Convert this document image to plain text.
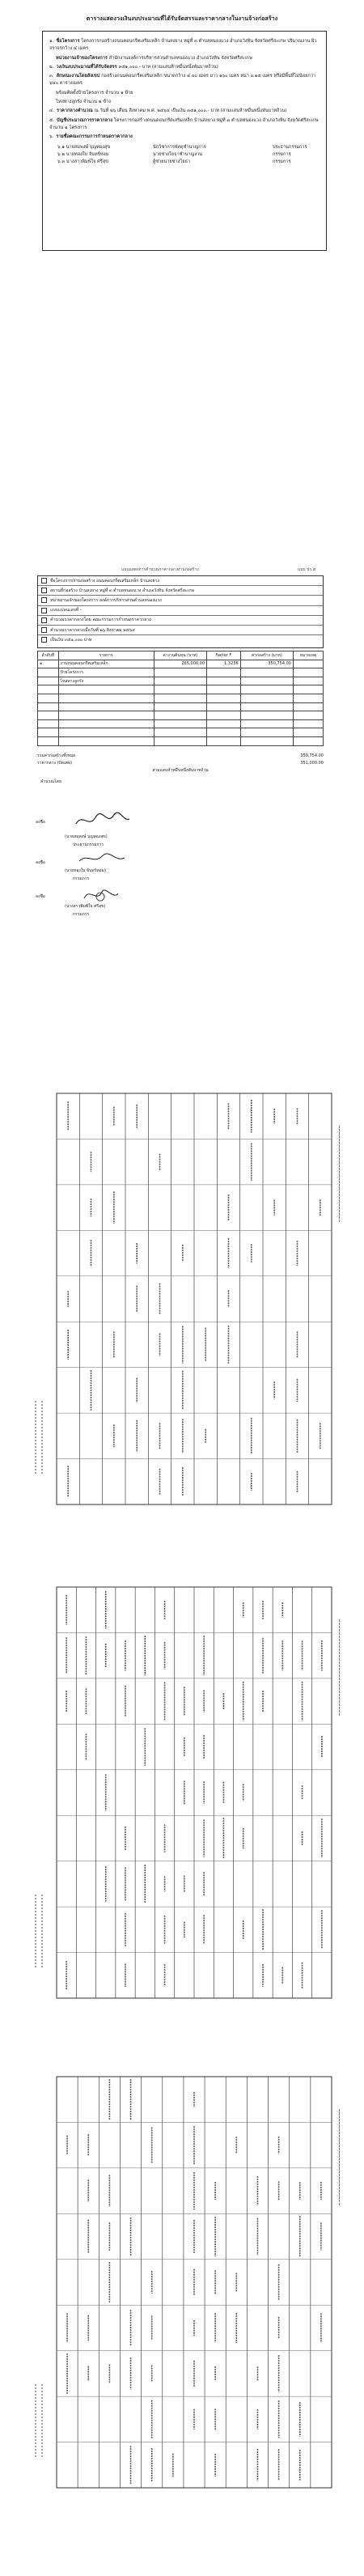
ตารางแสดงวงเงินงบประมาณที่ได้รับจัดสรรและราคากลางในงานจ้างก่อสร้าง

๑. ชื่อโครงการ โครงการก่อสร้างถนนคอนกรีตเสริมเหล็ก บ้านสงยาง หมู่ที่ ๓ ตำบลหนองแวง อำเภอวังหิน จังหวัดศรีสะเกษ ปริมาณงาน ผิวจราจรกว้าง ๔ เมตร

หน่วยงานเจ้าของโครงการ สำนักงานองค์การบริหารส่วนตำบลหนองแวง อำเภอวังหิน จังหวัดศรีสะเกษ

๒. วงเงินงบประมาณที่ได้รับจัดสรร ๓๕๑,๐๐๐.- บาท (สามแสนห้าหมื่นหนึ่งพันบาทถ้วน)

๓. ลักษณะงานโดยสังเขป ก่อสร้างถนนคอนกรีตเสริมเหล็ก ขนาดกว้าง ๔.๐๐ เมตร ยาว ๑๖๐ เมตร หนา ๐.๑๕ เมตร หรือมีพื้นที่ไม่น้อยกว่า ๖๔๐ ตารางเมตร

พร้อมติดตั้งป้ายโครงการ จำนวน ๑ ป้าย

ไหล่ทางลูกรัง จำนวน ๒ ข้าง

๔. ราคากลางคำนวณ ณ วันที่ ๒๖ เดือน สิงหาคม พ.ศ. ๒๕๖๔ เป็นเงิน ๓๕๑,๐๐๐.- บาท (สามแสนห้าหมื่นหนึ่งพันบาทถ้วน)

๕. บัญชีประมาณการราคากลาง โครงการก่อสร้างถนนคอนกรีตเสริมเหล็ก บ้านสงยาง หมู่ที่ ๓ ตำบลหนองแวง อำเภอวังหิน จังหวัดศรีสะเกษ จำนวน ๑ โครงการ

๖. รายชื่อคณะกรรมการกำหนดราคากลาง

๖.๑ นายสมพงษ์ บุญทองสุข	นักวิชาการพัสดุชำนาญการ	ประธานกรรมการ
๖.๒ นายทองใบ จันทร์หอม	นายช่างโยธาชำนาญงาน	กรรมการ
๖.๓ นางสาวพิมพ์ใจ ศรีสุข	ผู้ช่วยนายช่างโยธา	กรรมการ
แบบแสดงการคำนวณราคากลางงานก่อสร้าง	แบบ ปร.๕
ชื่อโครงการ/งานก่อสร้าง ถนนคอนกรีตเสริมเหล็ก บ้านสงยาง
สถานที่ก่อสร้าง บ้านสงยาง หมู่ที่ ๓ ตำบลหนองแวง อำเภอวังหิน จังหวัดศรีสะเกษ
หน่วยงานเจ้าของโครงการ องค์การบริหารส่วนตำบลหนองแวง
แบบแปลนเลขที่ -
คำนวณราคากลางโดย คณะกรรมการกำหนดราคากลาง
คำนวณราคากลางเมื่อวันที่ ๒๖ สิงหาคม ๒๕๖๔
เป็นเงิน ๓๕๑,๐๐๐ บาท
ลำดับที่	รายการ	ค่างานต้นทุน (บาท)	Factor F	ค่าก่อสร้าง (บาท)	หมายเหตุ
๑	งานถนนคอนกรีตเสริมเหล็ก	265,000.00	1.3236	350,754.00	
	ป้ายโครงการ				
	ไหล่ทางลูกรัง				

รวมค่าก่อสร้างทั้งหมด	350,754.00
ราคากลาง (ปัดเศษ)	351,000.00
สามแสนห้าหมื่นหนึ่งพันบาทถ้วน
คำนวณโดย
ลงชื่อ
(นายสมพงษ์ บุญทองสุข)
ประธานกรรมการ
ลงชื่อ
(นายทองใบ จันทร์หอม)
กรรมการ
ลงชื่อ
(นางสาวพิมพ์ใจ ศรีสุข)
กรรมการ
